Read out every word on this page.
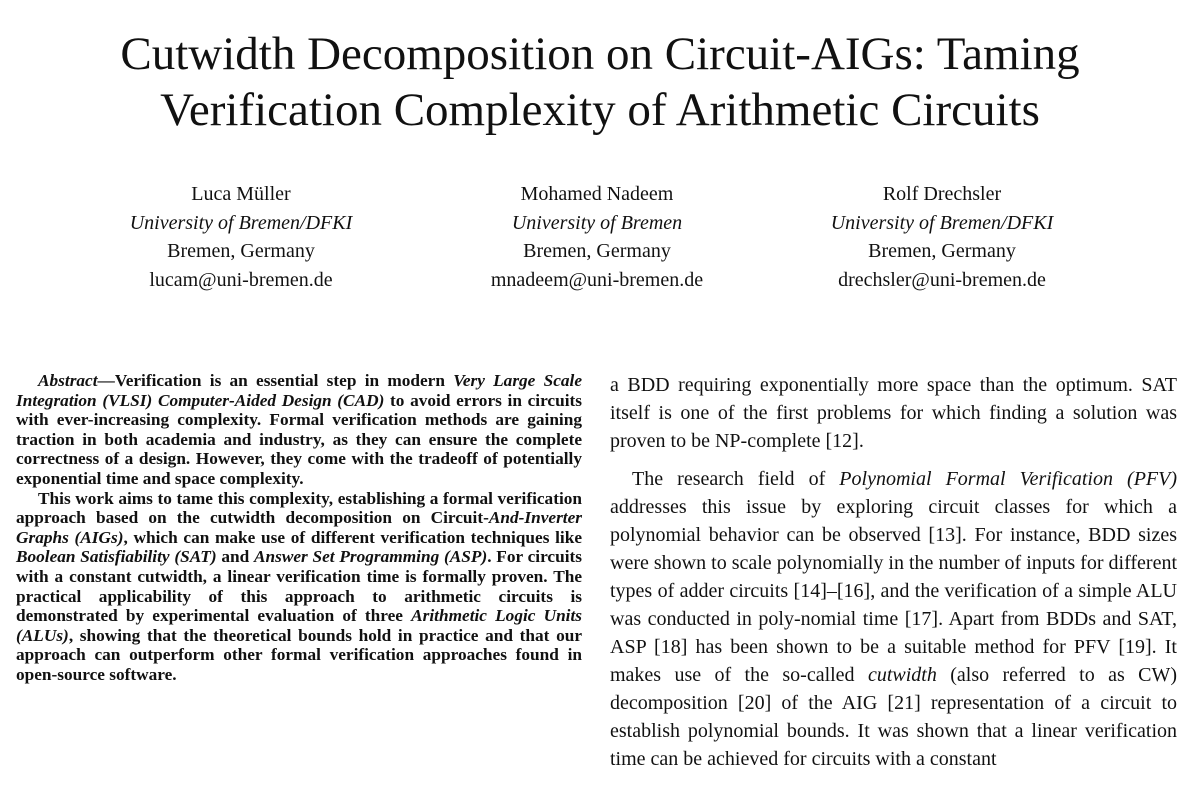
Cutwidth Decomposition on Circuit-AIGs: Taming
Verification Complexity of Arithmetic Circuits
Luca Müller
University of Bremen/DFKI
Bremen, Germany
lucam@uni-bremen.de
Mohamed Nadeem
University of Bremen
Bremen, Germany
mnadeem@uni-bremen.de
Rolf Drechsler
University of Bremen/DFKI
Bremen, Germany
drechsler@uni-bremen.de

Abstract—Verification is an essential step in modern Very Large Scale Integration (VLSI) Computer-Aided Design (CAD) to avoid errors in circuits with ever-increasing complexity. Formal verification methods are gaining traction in both academia and industry, as they can ensure the complete correctness of a design. However, they come with the tradeoff of potentially exponential time and space complexity.

This work aims to tame this complexity, establishing a formal verification approach based on the cutwidth decomposition on Circuit-And-Inverter Graphs (AIGs), which can make use of different verification techniques like Boolean Satisfiability (SAT) and Answer Set Programming (ASP). For circuits with a constant cutwidth, a linear verification time is formally proven. The practical applicability of this approach to arithmetic circuits is demonstrated by experimental evaluation of three Arithmetic Logic Units (ALUs), showing that the theoretical bounds hold in practice and that our approach can outperform other formal verification approaches found in open-source software.

a BDD requiring exponentially more space than the optimum. SAT itself is one of the first problems for which finding a solution was proven to be NP-complete [12].

The research field of Polynomial Formal Verification (PFV) addresses this issue by exploring circuit classes for which a polynomial behavior can be observed [13]. For instance, BDD sizes were shown to scale polynomially in the number of inputs for different types of adder circuits [14]–[16], and the verification of a simple ALU was conducted in poly-nomial time [17]. Apart from BDDs and SAT, ASP [18] has been shown to be a suitable method for PFV [19]. It makes use of the so-called cutwidth (also referred to as CW) decomposition [20] of the AIG [21] representation of a circuit to establish polynomial bounds. It was shown that a linear verification time can be achieved for circuits with a constant
